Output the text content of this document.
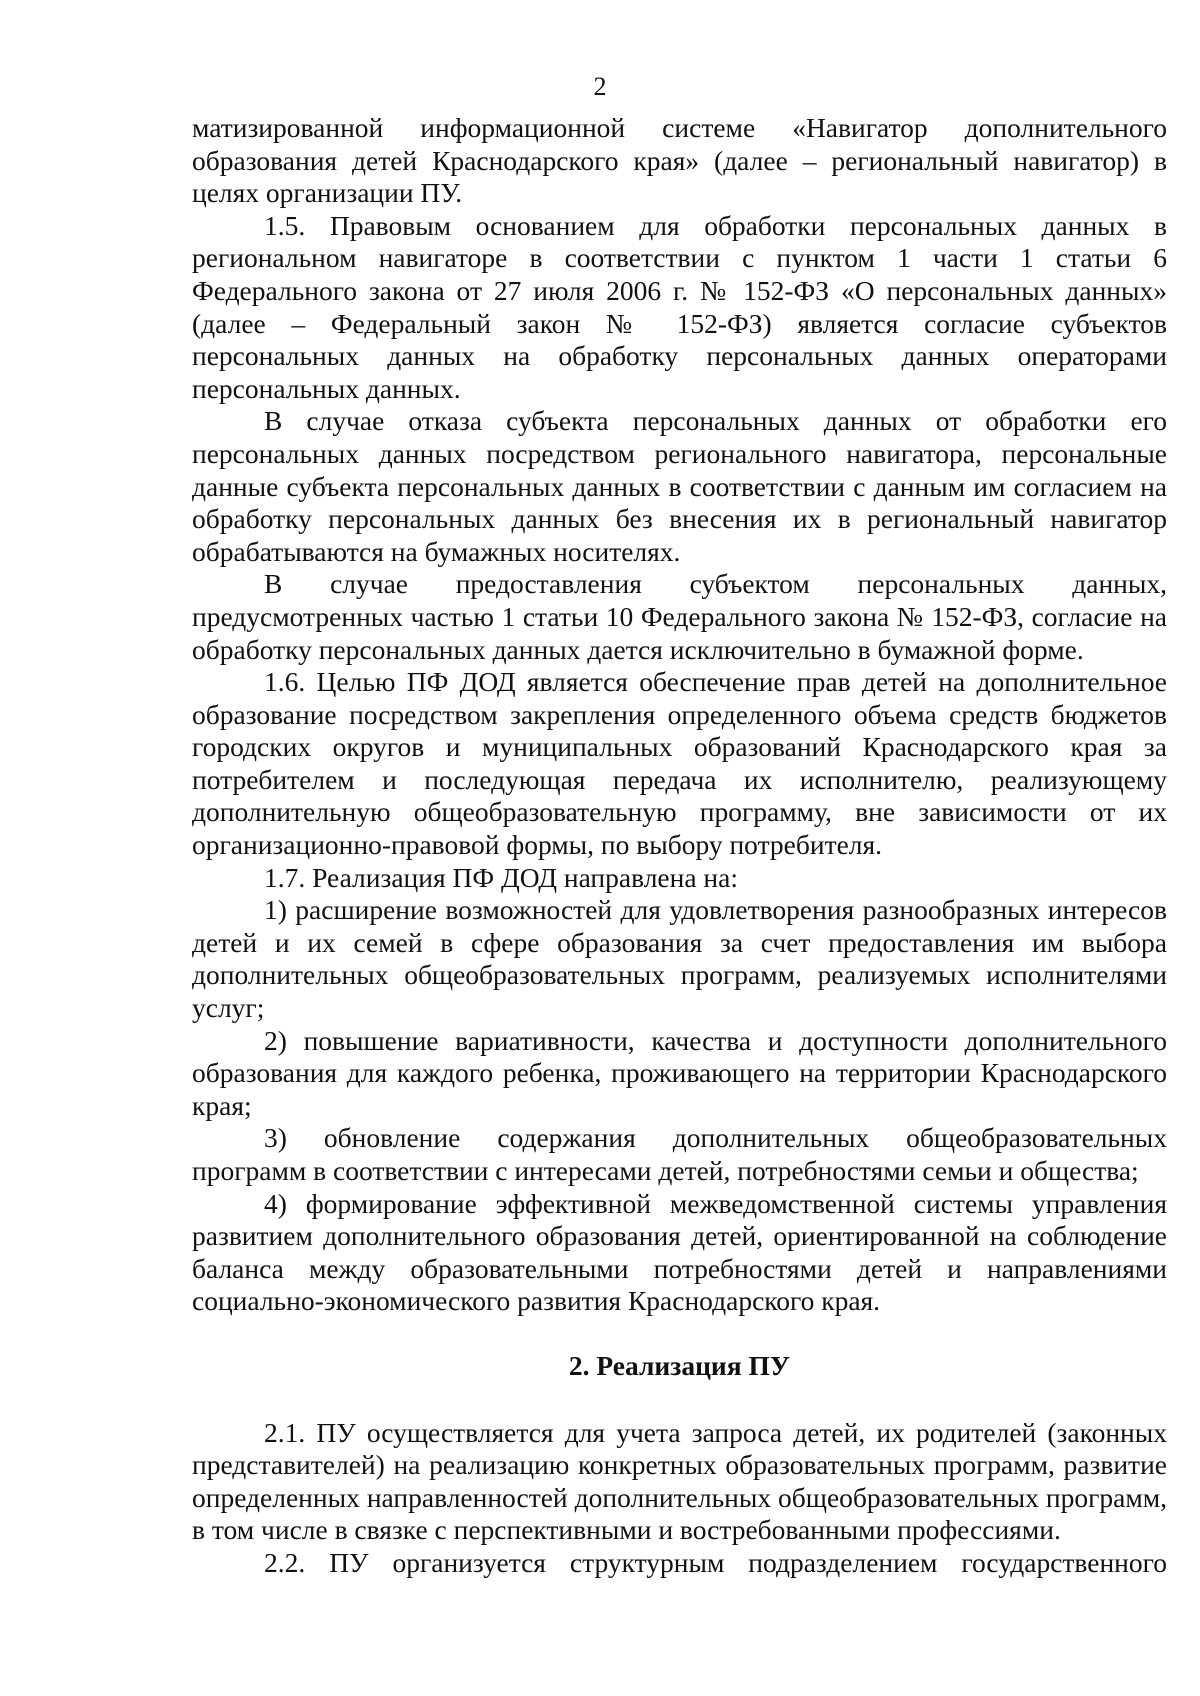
2

матизированной информационной системе «Навигатор дополнительного образования детей Краснодарского края» (далее – региональный навигатор) в целях организации ПУ.

1.5. Правовым основанием для обработки персональных данных в региональном навигаторе в соответствии с пунктом 1 части 1 статьи 6 Федерального закона от 27 июля 2006 г. № 152-ФЗ «О персональных данных» (далее – Федеральный закон № 152-ФЗ) является согласие субъектов персональных данных на обработку персональных данных операторами персональных данных.

В случае отказа субъекта персональных данных от обработки его персональных данных посредством регионального навигатора, персональные данные субъекта персональных данных в соответствии с данным им согласием на обработку персональных данных без внесения их в региональный навигатор обрабатываются на бумажных носителях.

В случае предоставления субъектом персональных данных, предусмотренных частью 1 статьи 10 Федерального закона № 152-ФЗ, согласие на обработку персональных данных дается исключительно в бумажной форме.

1.6. Целью ПФ ДОД является обеспечение прав детей на дополнительное образование посредством закрепления определенного объема средств бюджетов городских округов и муниципальных образований Краснодарского края за потребителем и последующая передача их исполнителю, реализующему дополнительную общеобразовательную программу, вне зависимости от их организационно-правовой формы, по выбору потребителя.

1.7. Реализация ПФ ДОД направлена на:

1) расширение возможностей для удовлетворения разнообразных интересов детей и их семей в сфере образования за счет предоставления им выбора дополнительных общеобразовательных программ, реализуемых исполнителями услуг;

2) повышение вариативности, качества и доступности дополнительного образования для каждого ребенка, проживающего на территории Краснодарского края;

3) обновление содержания дополнительных общеобразовательных программ в соответствии с интересами детей, потребностями семьи и общества;

4) формирование эффективной межведомственной системы управления развитием дополнительного образования детей, ориентированной на соблюдение баланса между образовательными потребностями детей и направлениями социально-экономического развития Краснодарского края.

2. Реализация ПУ

2.1. ПУ осуществляется для учета запроса детей, их родителей (законных представителей) на реализацию конкретных образовательных программ, развитие определенных направленностей дополнительных общеобразовательных программ, в том числе в связке с перспективными и востребованными профессиями.

2.2. ПУ организуется структурным подразделением государственного
